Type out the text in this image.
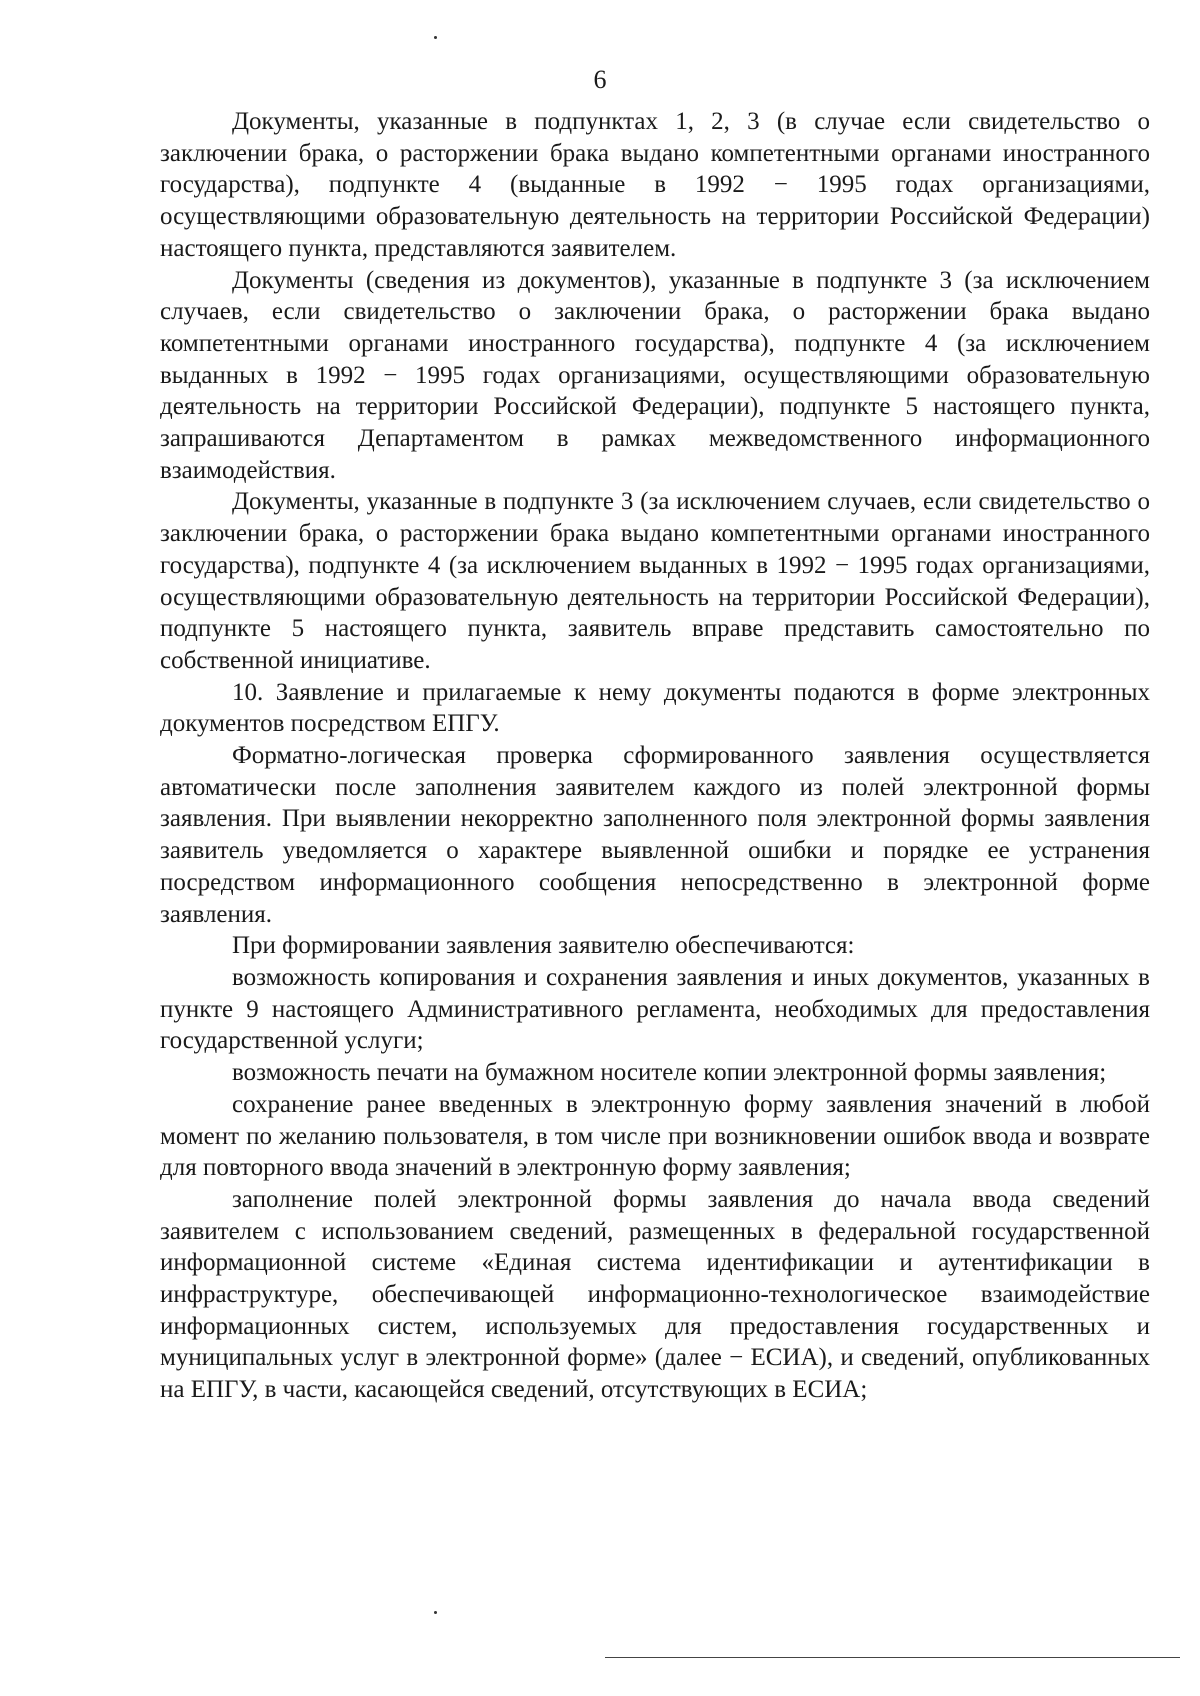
6

Документы, указанные в подпунктах 1, 2, 3 (в случае если свидетельство о заключении брака, о расторжении брака выдано компетентными органами иностранного государства), подпункте 4 (выданные в 1992 − 1995 годах организациями, осуществляющими образовательную деятельность на территории Российской Федерации) настоящего пункта, представляются заявителем.

Документы (сведения из документов), указанные в подпункте 3 (за исключением случаев, если свидетельство о заключении брака, о расторжении брака выдано компетентными органами иностранного государства), подпункте 4 (за исключением выданных в 1992 − 1995 годах организациями, осуществляющими образовательную деятельность на территории Российской Федерации), подпункте 5 настоящего пункта, запрашиваются Департаментом в рамках межведомственного информационного взаимодействия.

Документы, указанные в подпункте 3 (за исключением случаев, если свидетельство о заключении брака, о расторжении брака выдано компетентными органами иностранного государства), подпункте 4 (за исключением выданных в 1992 − 1995 годах организациями, осуществляющими образовательную деятельность на территории Российской Федерации), подпункте 5 настоящего пункта, заявитель вправе представить самостоятельно по собственной инициативе.

10. Заявление и прилагаемые к нему документы подаются в форме электронных документов посредством ЕПГУ.

Форматно-логическая проверка сформированного заявления осуществляется автоматически после заполнения заявителем каждого из полей электронной формы заявления. При выявлении некорректно заполненного поля электронной формы заявления заявитель уведомляется о характере выявленной ошибки и порядке ее устранения посредством информационного сообщения непосредственно в электронной форме заявления.

При формировании заявления заявителю обеспечиваются:

возможность копирования и сохранения заявления и иных документов, указанных в пункте 9 настоящего Административного регламента, необходимых для предоставления государственной услуги;

возможность печати на бумажном носителе копии электронной формы заявления;

сохранение ранее введенных в электронную форму заявления значений в любой момент по желанию пользователя, в том числе при возникновении ошибок ввода и возврате для повторного ввода значений в электронную форму заявления;

заполнение полей электронной формы заявления до начала ввода сведений заявителем с использованием сведений, размещенных в федеральной государственной информационной системе «Единая система идентификации и аутентификации в инфраструктуре, обеспечивающей информационно-технологическое взаимодействие информационных систем, используемых для предоставления государственных и муниципальных услуг в электронной форме» (далее − ЕСИА), и сведений, опубликованных на ЕПГУ, в части, касающейся сведений, отсутствующих в ЕСИА;
